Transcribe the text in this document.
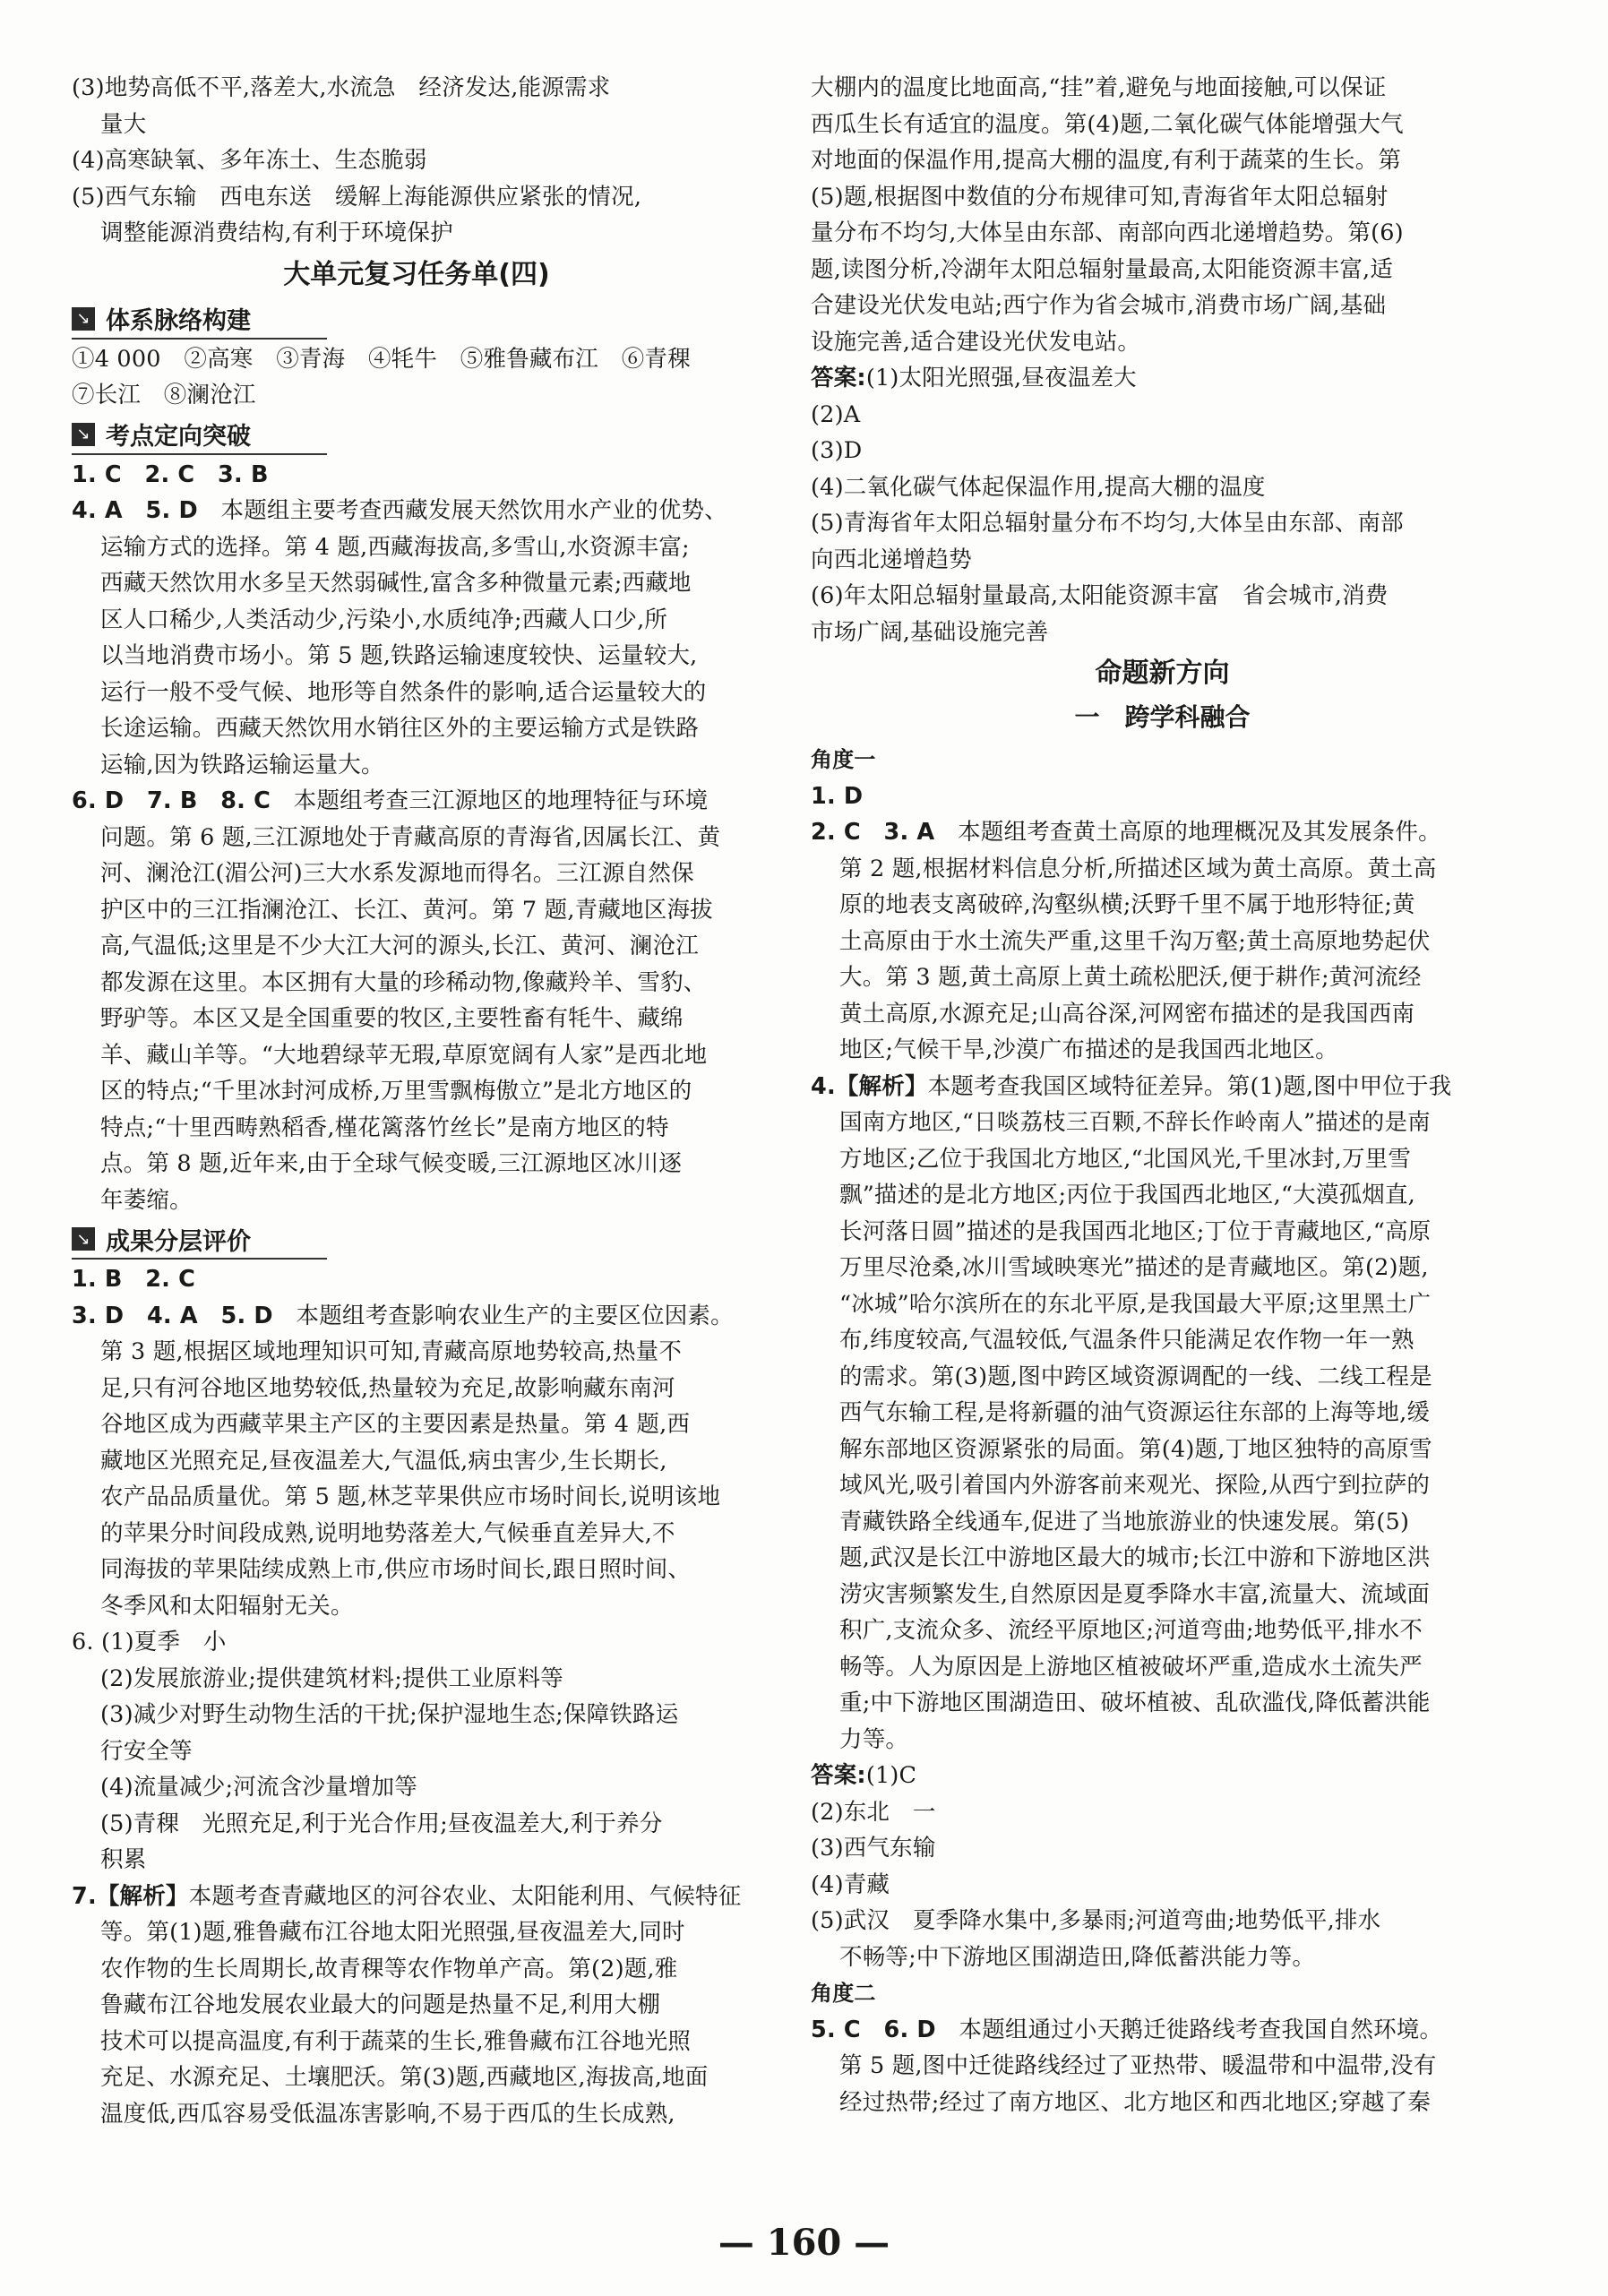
(3)地势高低不平,落差大,水流急　经济发达,能源需求
量大
(4)高寒缺氧、多年冻土、生态脆弱
(5)西气东输　西电东送　缓解上海能源供应紧张的情况,
调整能源消费结构,有利于环境保护
大单元复习任务单(四)
↘ 体系脉络构建
①4 000　②高寒　③青海　④牦牛　⑤雅鲁藏布江　⑥青稞
⑦长江　⑧澜沧江
↘ 考点定向突破
1. C　2. C　3. B
4. A　5. D　本题组主要考查西藏发展天然饮用水产业的优势、
运输方式的选择。第 4 题,西藏海拔高,多雪山,水资源丰富;
西藏天然饮用水多呈天然弱碱性,富含多种微量元素;西藏地
区人口稀少,人类活动少,污染小,水质纯净;西藏人口少,所
以当地消费市场小。第 5 题,铁路运输速度较快、运量较大,
运行一般不受气候、地形等自然条件的影响,适合运量较大的
长途运输。西藏天然饮用水销往区外的主要运输方式是铁路
运输,因为铁路运输运量大。
6. D　7. B　8. C　本题组考查三江源地区的地理特征与环境
问题。第 6 题,三江源地处于青藏高原的青海省,因属长江、黄
河、澜沧江(湄公河)三大水系发源地而得名。三江源自然保
护区中的三江指澜沧江、长江、黄河。第 7 题,青藏地区海拔
高,气温低;这里是不少大江大河的源头,长江、黄河、澜沧江
都发源在这里。本区拥有大量的珍稀动物,像藏羚羊、雪豹、
野驴等。本区又是全国重要的牧区,主要牲畜有牦牛、藏绵
羊、藏山羊等。“大地碧绿苹无瑕,草原宽阔有人家”是西北地
区的特点;“千里冰封河成桥,万里雪飘梅傲立”是北方地区的
特点;“十里西畴熟稻香,槿花篱落竹丝长”是南方地区的特
点。第 8 题,近年来,由于全球气候变暖,三江源地区冰川逐
年萎缩。
↘ 成果分层评价
1. B　2. C
3. D　4. A　5. D　本题组考查影响农业生产的主要区位因素。
第 3 题,根据区域地理知识可知,青藏高原地势较高,热量不
足,只有河谷地区地势较低,热量较为充足,故影响藏东南河
谷地区成为西藏苹果主产区的主要因素是热量。第 4 题,西
藏地区光照充足,昼夜温差大,气温低,病虫害少,生长期长,
农产品品质量优。第 5 题,林芝苹果供应市场时间长,说明该地
的苹果分时间段成熟,说明地势落差大,气候垂直差异大,不
同海拔的苹果陆续成熟上市,供应市场时间长,跟日照时间、
冬季风和太阳辐射无关。
6. (1)夏季　小
(2)发展旅游业;提供建筑材料;提供工业原料等
(3)减少对野生动物生活的干扰;保护湿地生态;保障铁路运
行安全等
(4)流量减少;河流含沙量增加等
(5)青稞　光照充足,利于光合作用;昼夜温差大,利于养分
积累
7.【解析】本题考查青藏地区的河谷农业、太阳能利用、气候特征
等。第(1)题,雅鲁藏布江谷地太阳光照强,昼夜温差大,同时
农作物的生长周期长,故青稞等农作物单产高。第(2)题,雅
鲁藏布江谷地发展农业最大的问题是热量不足,利用大棚
技术可以提高温度,有利于蔬菜的生长,雅鲁藏布江谷地光照
充足、水源充足、土壤肥沃。第(3)题,西藏地区,海拔高,地面
温度低,西瓜容易受低温冻害影响,不易于西瓜的生长成熟,
大棚内的温度比地面高,“挂”着,避免与地面接触,可以保证
西瓜生长有适宜的温度。第(4)题,二氧化碳气体能增强大气
对地面的保温作用,提高大棚的温度,有利于蔬菜的生长。第
(5)题,根据图中数值的分布规律可知,青海省年太阳总辐射
量分布不均匀,大体呈由东部、南部向西北递增趋势。第(6)
题,读图分析,冷湖年太阳总辐射量最高,太阳能资源丰富,适
合建设光伏发电站;西宁作为省会城市,消费市场广阔,基础
设施完善,适合建设光伏发电站。
答案:(1)太阳光照强,昼夜温差大
(2)A
(3)D
(4)二氧化碳气体起保温作用,提高大棚的温度
(5)青海省年太阳总辐射量分布不均匀,大体呈由东部、南部
向西北递增趋势
(6)年太阳总辐射量最高,太阳能资源丰富　省会城市,消费
市场广阔,基础设施完善
命题新方向
一　跨学科融合
角度一
1. D
2. C　3. A　本题组考查黄土高原的地理概况及其发展条件。
第 2 题,根据材料信息分析,所描述区域为黄土高原。黄土高
原的地表支离破碎,沟壑纵横;沃野千里不属于地形特征;黄
土高原由于水土流失严重,这里千沟万壑;黄土高原地势起伏
大。第 3 题,黄土高原上黄土疏松肥沃,便于耕作;黄河流经
黄土高原,水源充足;山高谷深,河网密布描述的是我国西南
地区;气候干旱,沙漠广布描述的是我国西北地区。
4.【解析】本题考查我国区域特征差异。第(1)题,图中甲位于我
国南方地区,“日啖荔枝三百颗,不辞长作岭南人”描述的是南
方地区;乙位于我国北方地区,“北国风光,千里冰封,万里雪
飘”描述的是北方地区;丙位于我国西北地区,“大漠孤烟直,
长河落日圆”描述的是我国西北地区;丁位于青藏地区,“高原
万里尽沧桑,冰川雪域映寒光”描述的是青藏地区。第(2)题,
“冰城”哈尔滨所在的东北平原,是我国最大平原;这里黑土广
布,纬度较高,气温较低,气温条件只能满足农作物一年一熟
的需求。第(3)题,图中跨区域资源调配的一线、二线工程是
西气东输工程,是将新疆的油气资源运往东部的上海等地,缓
解东部地区资源紧张的局面。第(4)题,丁地区独特的高原雪
域风光,吸引着国内外游客前来观光、探险,从西宁到拉萨的
青藏铁路全线通车,促进了当地旅游业的快速发展。第(5)
题,武汉是长江中游地区最大的城市;长江中游和下游地区洪
涝灾害频繁发生,自然原因是夏季降水丰富,流量大、流域面
积广,支流众多、流经平原地区;河道弯曲;地势低平,排水不
畅等。人为原因是上游地区植被破坏严重,造成水土流失严
重;中下游地区围湖造田、破坏植被、乱砍滥伐,降低蓄洪能
力等。
答案:(1)C
(2)东北　一
(3)西气东输
(4)青藏
(5)武汉　夏季降水集中,多暴雨;河道弯曲;地势低平,排水
不畅等;中下游地区围湖造田,降低蓄洪能力等。
角度二
5. C　6. D　本题组通过小天鹅迁徙路线考查我国自然环境。
第 5 题,图中迁徙路线经过了亚热带、暖温带和中温带,没有
经过热带;经过了南方地区、北方地区和西北地区;穿越了秦
— 160 —
